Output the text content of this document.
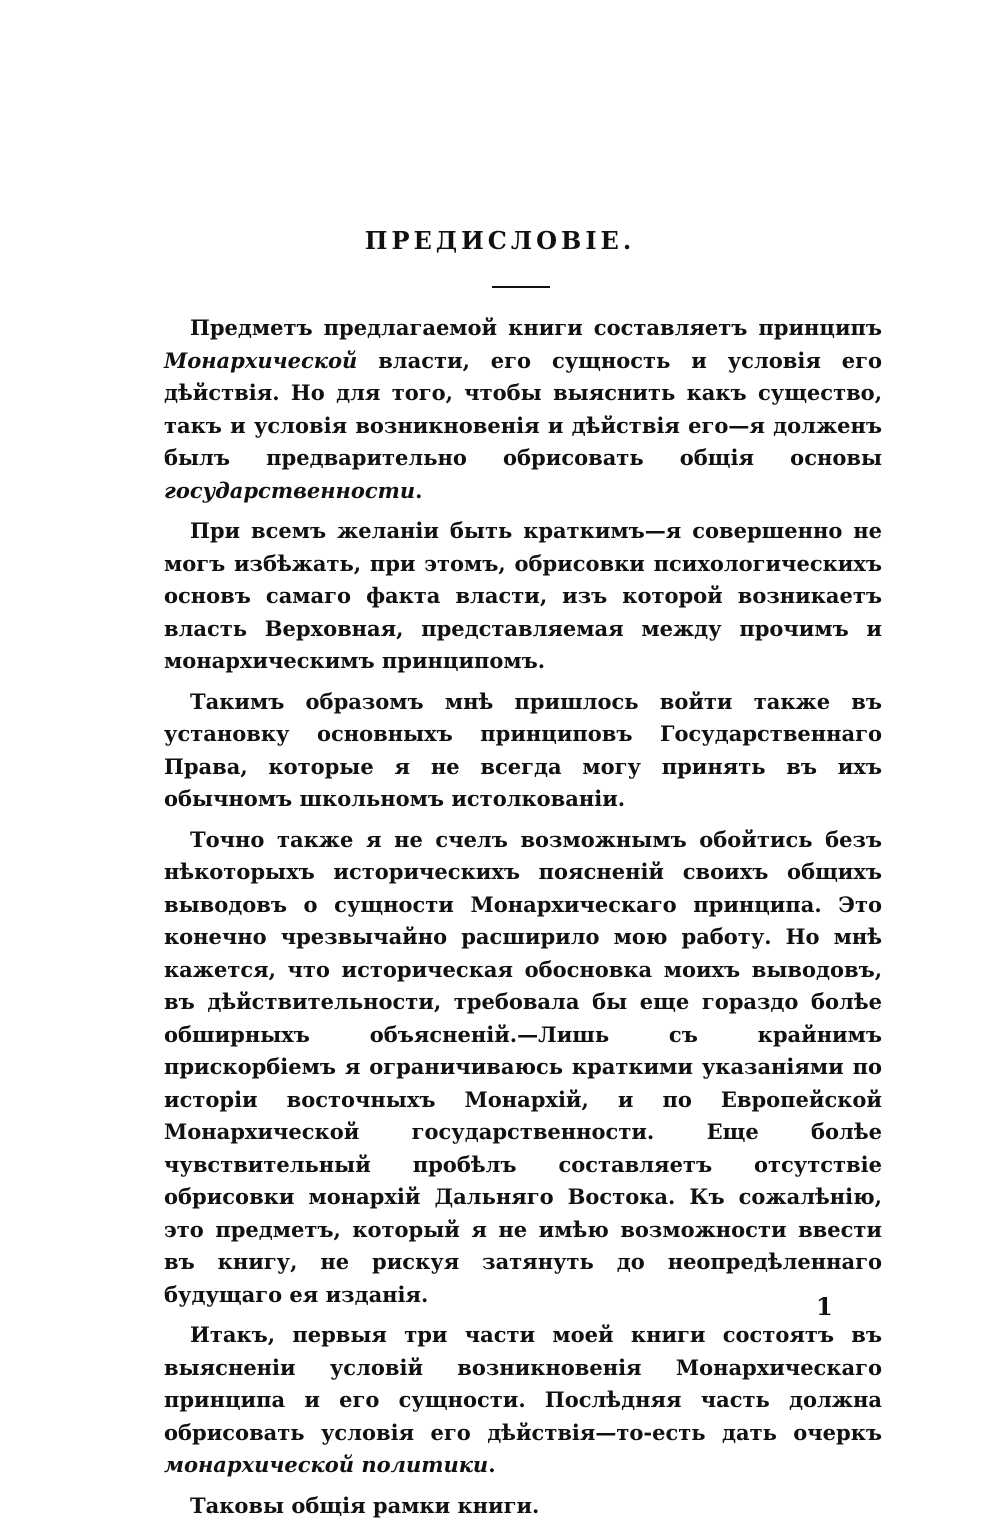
ПРЕДИСЛОВІЕ.

Предметъ предлагаемой книги составляетъ принципъ Монархической власти, его сущность и условія его дѣйствія. Но для того, чтобы выяснить какъ существо, такъ и условія возникновенія и дѣйствія его—я долженъ былъ предварительно обрисовать общія основы государственности.

При всемъ желаніи быть краткимъ—я совершенно не могъ избѣжать, при этомъ, обрисовки психологическихъ основъ самаго факта власти, изъ которой возникаетъ власть Верховная, представляемая между прочимъ и монархическимъ принципомъ.

Такимъ образомъ мнѣ пришлось войти также въ установку основныхъ принциповъ Государственнаго Права, которые я не всегда могу принять въ ихъ обычномъ школьномъ истолкованіи.

Точно также я не счелъ возможнымъ обойтись безъ нѣкоторыхъ историческихъ поясненій своихъ общихъ выводовъ о сущности Монархическаго принципа. Это конечно чрезвычайно расширило мою работу. Но мнѣ кажется, что историческая обосновка моихъ выводовъ, въ дѣйствительности, требовала бы еще гораздо болѣе обширныхъ объясненій.—Лишь съ крайнимъ прискорбіемъ я ограничиваюсь краткими указаніями по исторіи восточныхъ Монархій, и по Европейской Монархической государственности. Еще болѣе чувствительный пробѣлъ составляетъ отсутствіе обрисовки монархій Дальняго Востока. Къ сожалѣнію, это предметъ, который я не имѣю возможности ввести въ книгу, не рискуя затянуть до неопредѣленнаго будущаго ея изданія.

Итакъ, первыя три части моей книги состоятъ въ выясненіи условій возникновенія Монархическаго принципа и его сущности. Послѣдняя часть должна обрисовать условія его дѣйствія—то-есть дать очеркъ монархической политики.

Таковы общія рамки книги.

1
